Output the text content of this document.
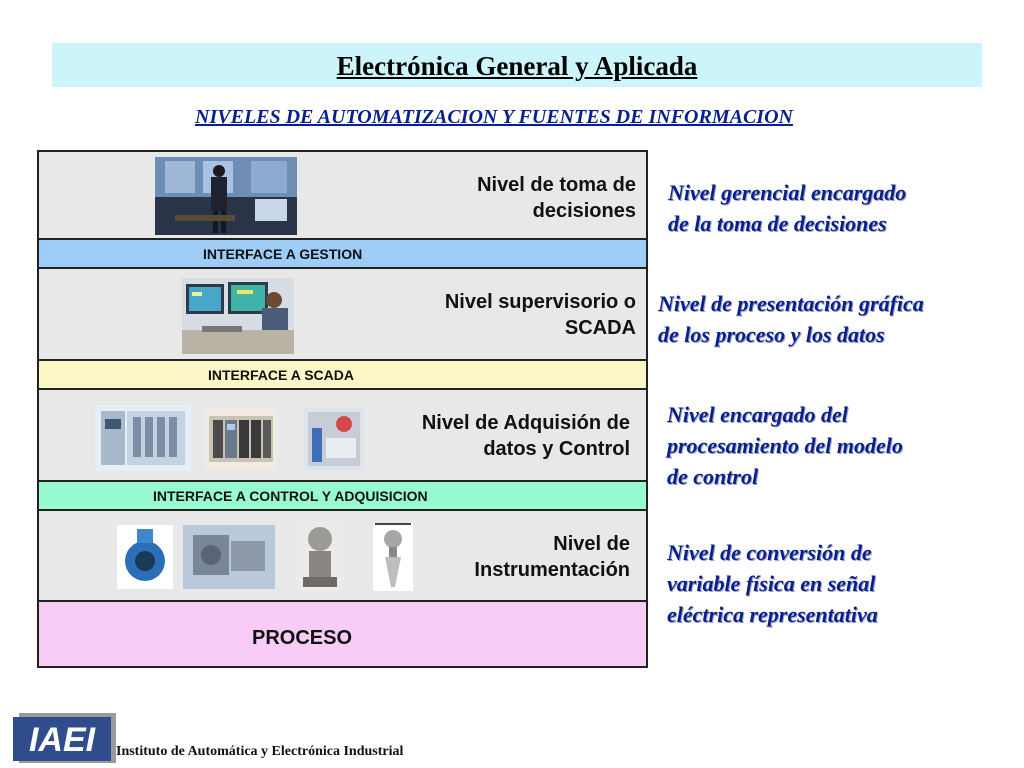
Electrónica General y Aplicada
NIVELES DE AUTOMATIZACION Y FUENTES DE INFORMACION
Nivel de toma de
decisiones
INTERFACE A GESTION
Nivel supervisorio o
SCADA
INTERFACE A SCADA
Nivel de Adquisión de
datos y Control
INTERFACE A CONTROL Y ADQUISICION
Nivel de
Instrumentación
PROCESO
Nivel gerencial encargado
de la toma de decisiones
Nivel de presentación gráfica
de los proceso y los datos
Nivel encargado del
procesamiento del modelo
de control
Nivel de conversión de
variable física en señal
eléctrica representativa
IAEI Instituto de Automática y Electrónica Industrial
